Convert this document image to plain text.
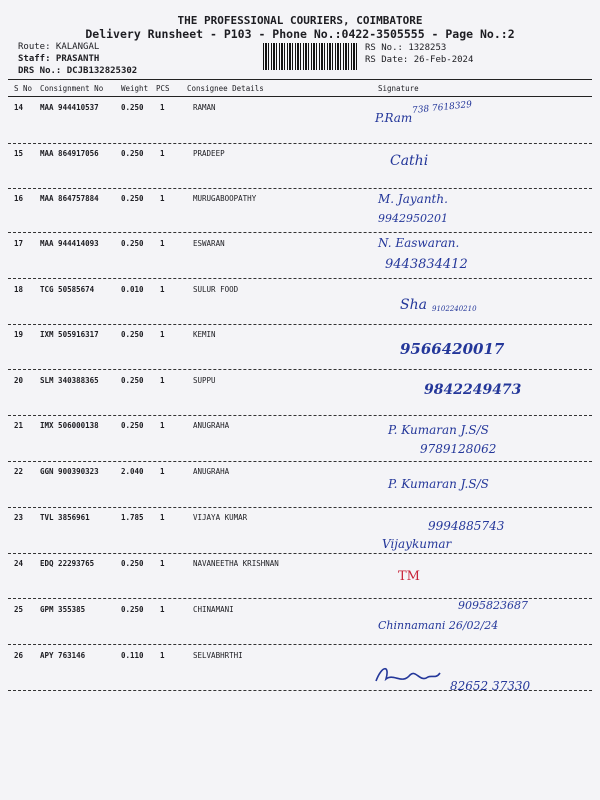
THE PROFESSIONAL COURIERS, COIMBATORE
Delivery Runsheet - P103 - Phone No.:0422-3505555 - Page No.:2
Route: KALANGAL
Staff: PRASANTH
DRS No.: DCJB132825302
RS No.: 1328253
RS Date: 26-Feb-2024
S No Consignment No Weight PCS Consignee Details	Signature
14 MAA 944410537	0.250 1	RAMAN
P.Ram
738 7618329
15 MAA 864917056	0.250 1	PRADEEP	Cathi
16 MAA 864757884	0.250 1	MURUGABOOPATHY	M. Jayanth.
9942950201
17 MAA 944414093	0.250 1	ESWARAN	N. Easwaran.
9443834412
18 TCG 50585674	0.010 1	SULUR FOOD
Sha 9102240210
19 IXM 505916317	0.250 1	KEMIN
9566420017
20 SLM 340388365	0.250 1	SUPPU
9842249473
21 IMX 506000138	0.250 1	ANUGRAHA	P. Kumaran J.S/S
9789128062
22 GGN 900390323	2.040 1	ANUGRAHA
P. Kumaran J.S/S
23 TVL 3856961	1.785 1	VIJAYA KUMAR
9994885743
Vijaykumar
24 EDQ 22293765	0.250 1	NAVANEETHA KRISHNAN
TM
25 GPM 355385	0.250 1	CHINAMANI	9095823687
Chinnamani 26/02/24
26 APY 763146	0.110 1	SELVABHRTHI
82652 37330
